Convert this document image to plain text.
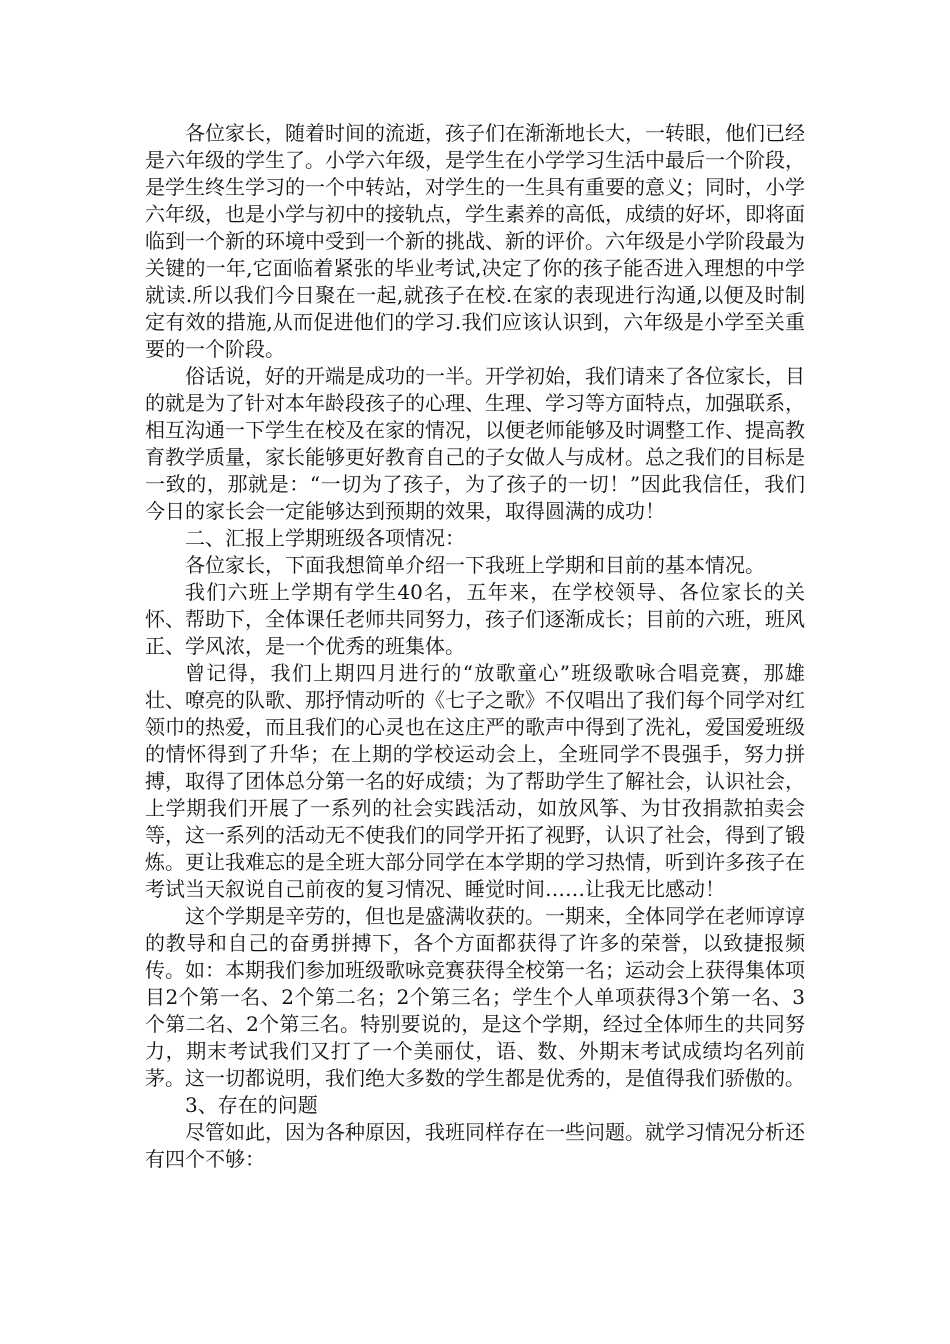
各位家长，随着时间的流逝，孩子们在渐渐地长大，一转眼，他们已经是六年级的学生了。小学六年级，是学生在小学学习生活中最后一个阶段，是学生终生学习的一个中转站，对学生的一生具有重要的意义；同时，小学六年级，也是小学与初中的接轨点，学生素养的高低，成绩的好坏，即将面临到一个新的环境中受到一个新的挑战、新的评价。六年级是小学阶段最为关键的一年,它面临着紧张的毕业考试,决定了你的孩子能否进入理想的中学就读.所以我们今日聚在一起,就孩子在校.在家的表现进行沟通,以便及时制定有效的措施,从而促进他们的学习.我们应该认识到，六年级是小学至关重要的一个阶段。

俗话说，好的开端是成功的一半。开学初始，我们请来了各位家长，目的就是为了针对本年龄段孩子的心理、生理、学习等方面特点，加强联系，相互沟通一下学生在校及在家的情况，以便老师能够及时调整工作、提高教育教学质量，家长能够更好教育自己的子女做人与成材。总之我们的目标是一致的，那就是：“一切为了孩子，为了孩子的一切！”因此我信任，我们今日的家长会一定能够达到预期的效果，取得圆满的成功！

二、汇报上学期班级各项情况：

各位家长，下面我想简单介绍一下我班上学期和目前的基本情况。

我们六班上学期有学生40名，五年来，在学校领导、各位家长的关怀、帮助下，全体课任老师共同努力，孩子们逐渐成长；目前的六班，班风正、学风浓，是一个优秀的班集体。

曾记得，我们上期四月进行的“放歌童心”班级歌咏合唱竞赛，那雄壮、嘹亮的队歌、那抒情动听的《七子之歌》不仅唱出了我们每个同学对红领巾的热爱，而且我们的心灵也在这庄严的歌声中得到了洗礼，爱国爱班级的情怀得到了升华；在上期的学校运动会上，全班同学不畏强手，努力拼搏，取得了团体总分第一名的好成绩；为了帮助学生了解社会，认识社会，上学期我们开展了一系列的社会实践活动，如放风筝、为甘孜捐款拍卖会等，这一系列的活动无不使我们的同学开拓了视野，认识了社会，得到了锻炼。更让我难忘的是全班大部分同学在本学期的学习热情，听到许多孩子在考试当天叙说自己前夜的复习情况、睡觉时间……让我无比感动！

这个学期是辛劳的，但也是盛满收获的。一期来，全体同学在老师谆谆的教导和自己的奋勇拼搏下，各个方面都获得了许多的荣誉，以致捷报频传。如：本期我们参加班级歌咏竞赛获得全校第一名；运动会上获得集体项目2个第一名、2个第二名；2个第三名；学生个人单项获得3个第一名、3个第二名、2个第三名。特别要说的，是这个学期，经过全体师生的共同努力，期末考试我们又打了一个美丽仗，语、数、外期末考试成绩均名列前茅。这一切都说明，我们绝大多数的学生都是优秀的，是值得我们骄傲的。

3、存在的问题

尽管如此，因为各种原因，我班同样存在一些问题。就学习情况分析还有四个不够：
